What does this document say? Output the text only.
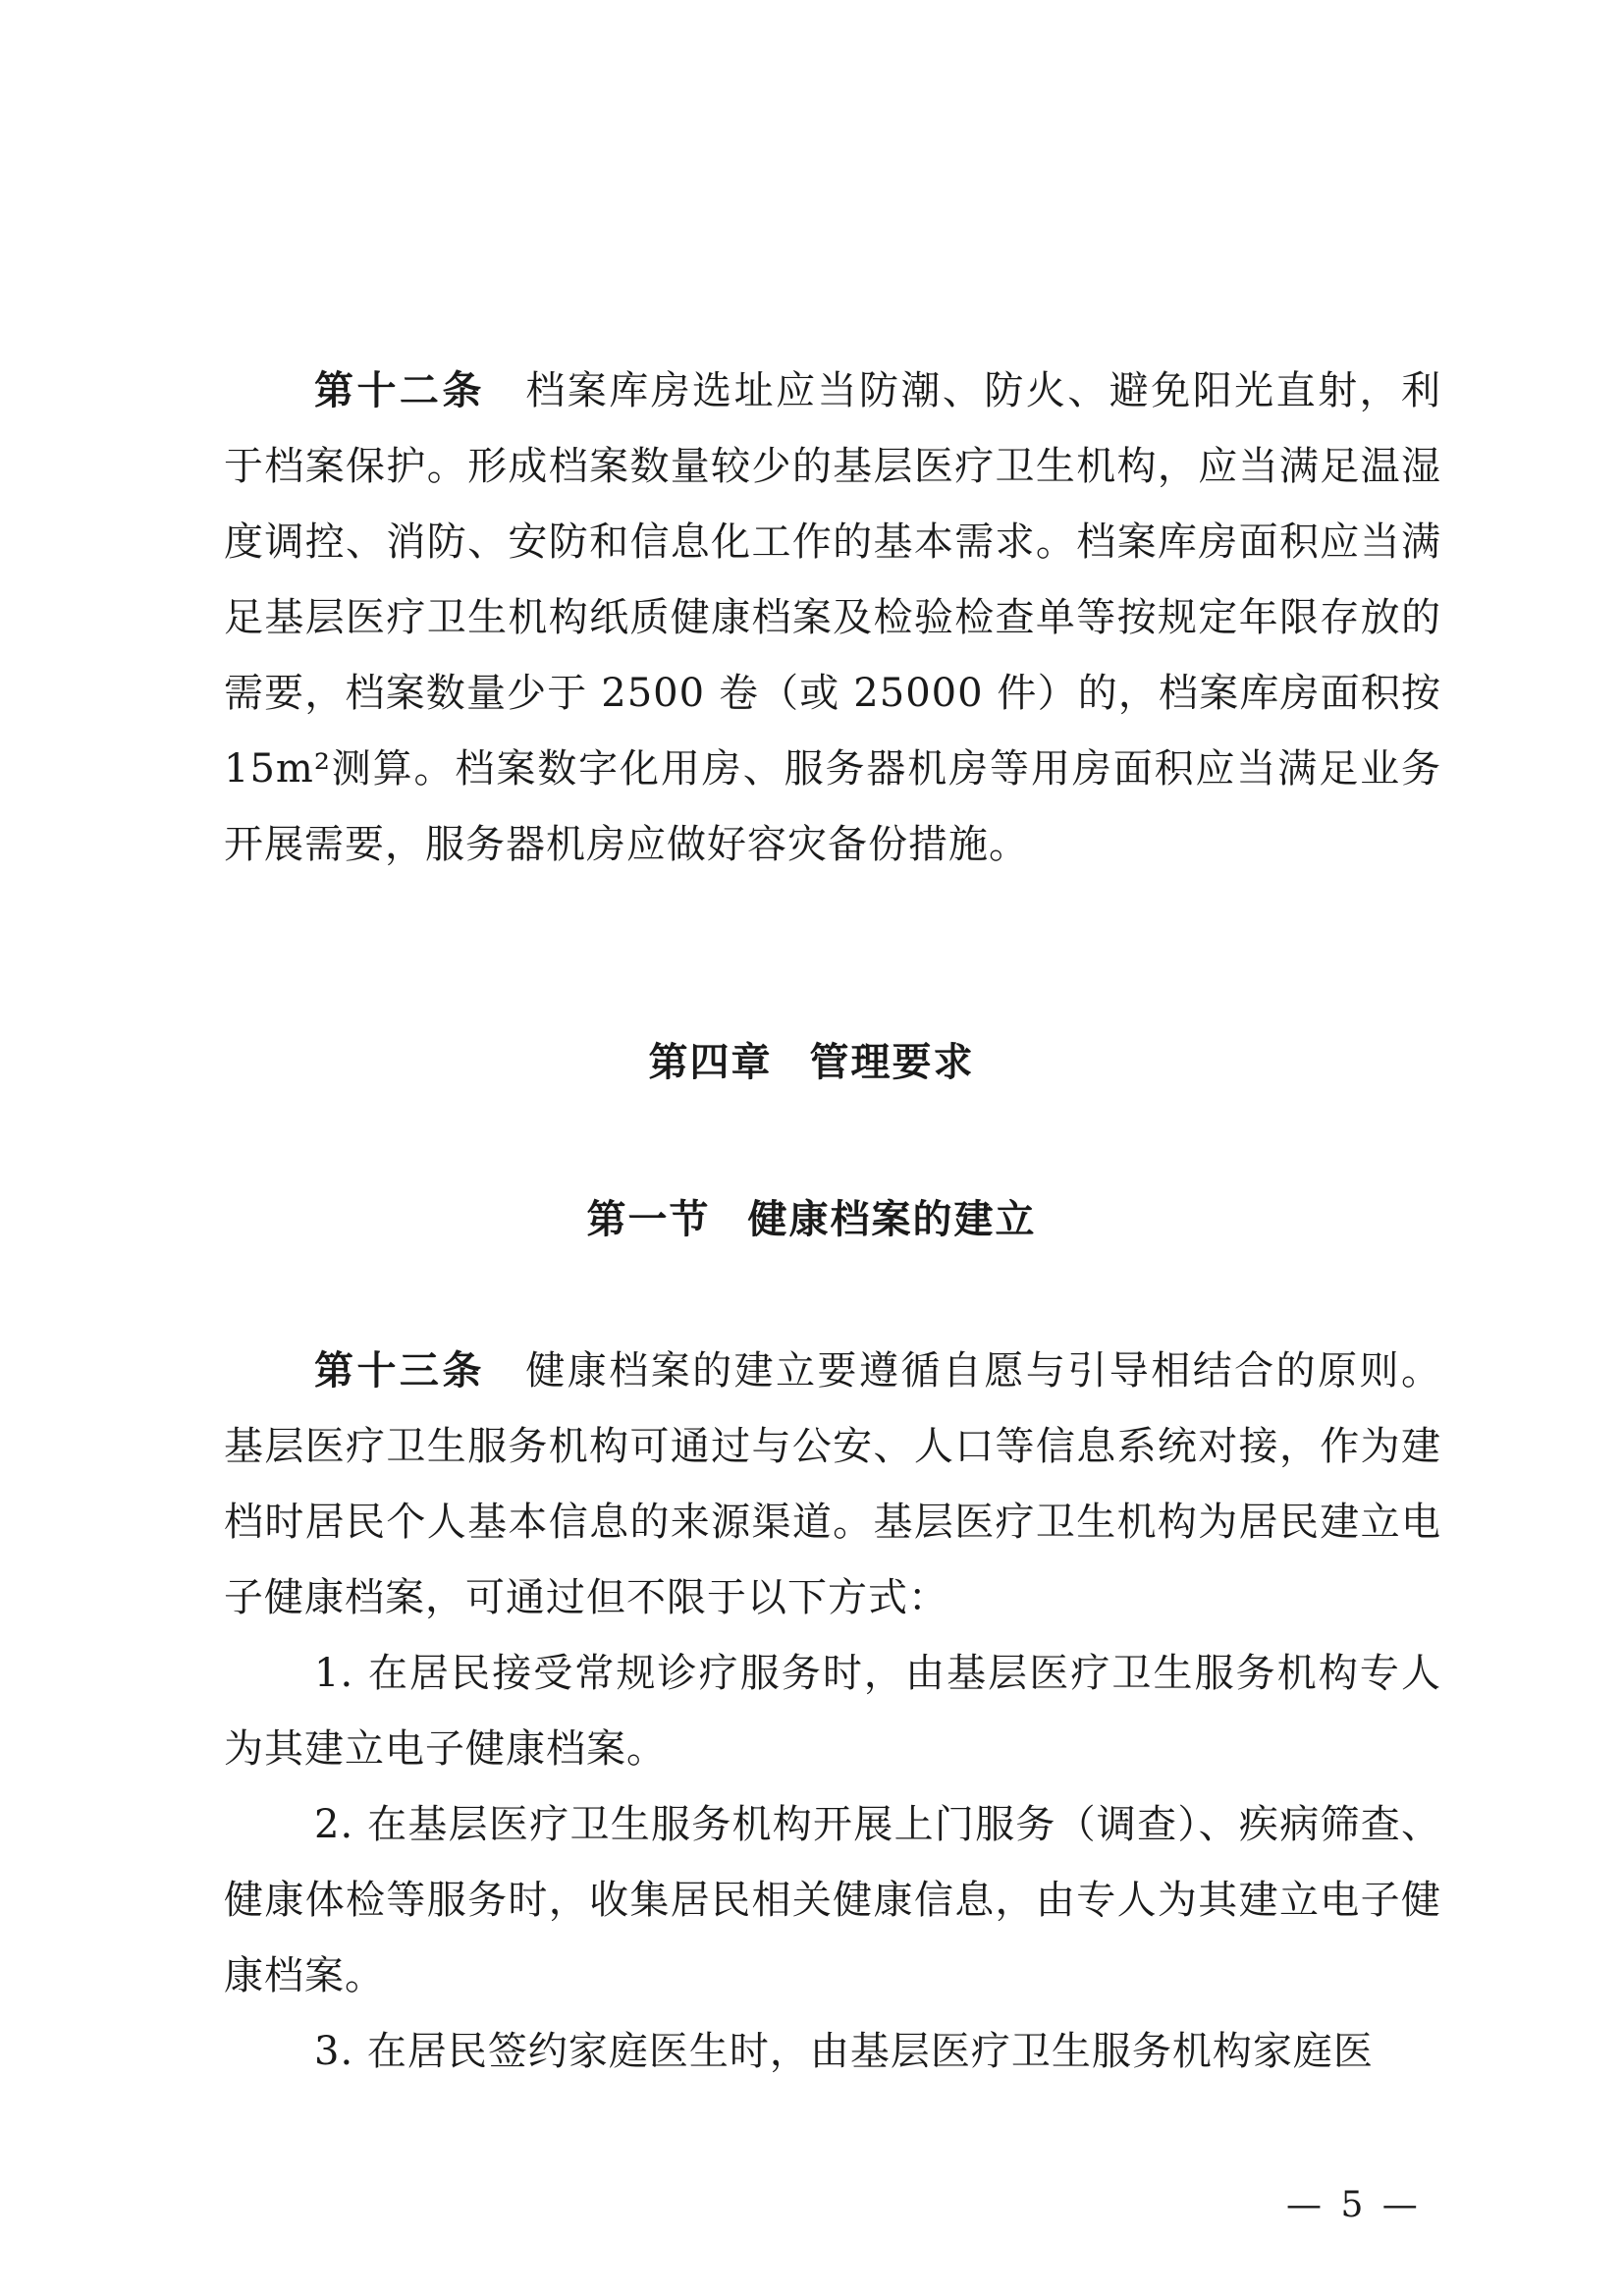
第十二条 档案库房选址应当防潮、防火、避免阳光直射，利于档案保护。形成档案数量较少的基层医疗卫生机构，应当满足温湿度调控、消防、安防和信息化工作的基本需求。档案库房面积应当满足基层医疗卫生机构纸质健康档案及检验检查单等按规定年限存放的需要，档案数量少于 2500 卷（或 25000 件）的，档案库房面积按 15m²测算。档案数字化用房、服务器机房等用房面积应当满足业务开展需要，服务器机房应做好容灾备份措施。

第四章 管理要求
第一节 健康档案的建立

第十三条 健康档案的建立要遵循自愿与引导相结合的原则。基层医疗卫生服务机构可通过与公安、人口等信息系统对接，作为建档时居民个人基本信息的来源渠道。基层医疗卫生机构为居民建立电子健康档案，可通过但不限于以下方式：

1. 在居民接受常规诊疗服务时，由基层医疗卫生服务机构专人为其建立电子健康档案。

2. 在基层医疗卫生服务机构开展上门服务（调查）、疾病筛查、健康体检等服务时，收集居民相关健康信息，由专人为其建立电子健康档案。

3. 在居民签约家庭医生时，由基层医疗卫生服务机构家庭医

— 5 —
